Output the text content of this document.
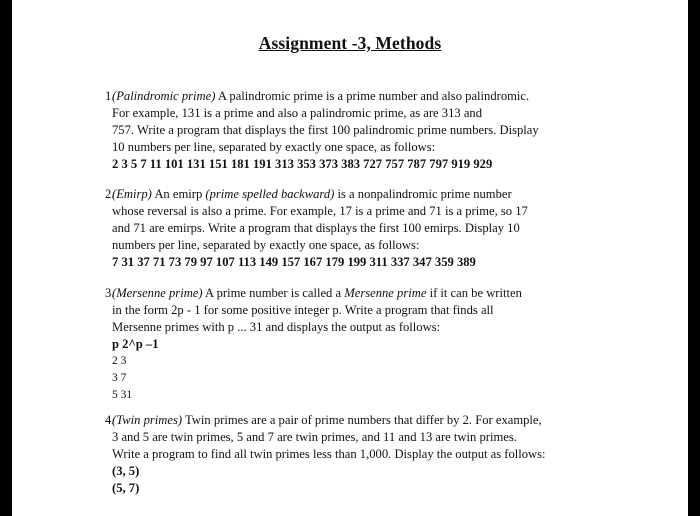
Assignment -3, Methods
1.
(Palindromic prime) A palindromic prime is a prime number and also palindromic.
For example, 131 is a prime and also a palindromic prime, as are 313 and
757. Write a program that displays the first 100 palindromic prime numbers. Display
10 numbers per line, separated by exactly one space, as follows:
2 3 5 7 11 101 131 151 181 191 313 353 373 383 727 757 787 797 919 929
2.
(Emirp) An emirp (prime spelled backward) is a nonpalindromic prime number
whose reversal is also a prime. For example, 17 is a prime and 71 is a prime, so 17
and 71 are emirps. Write a program that displays the first 100 emirps. Display 10
numbers per line, separated by exactly one space, as follows:
7 31 37 71 73 79 97 107 113 149 157 167 179 199 311 337 347 359 389
3.
(Mersenne prime) A prime number is called a Mersenne prime if it can be written
in the form 2p - 1 for some positive integer p. Write a program that finds all
Mersenne primes with p ... 31 and displays the output as follows:
p 2^p –1
2 3
3 7
5 31
4.
(Twin primes) Twin primes are a pair of prime numbers that differ by 2. For example,
3 and 5 are twin primes, 5 and 7 are twin primes, and 11 and 13 are twin primes.
Write a program to find all twin primes less than 1,000. Display the output as follows:
(3, 5)
(5, 7)
